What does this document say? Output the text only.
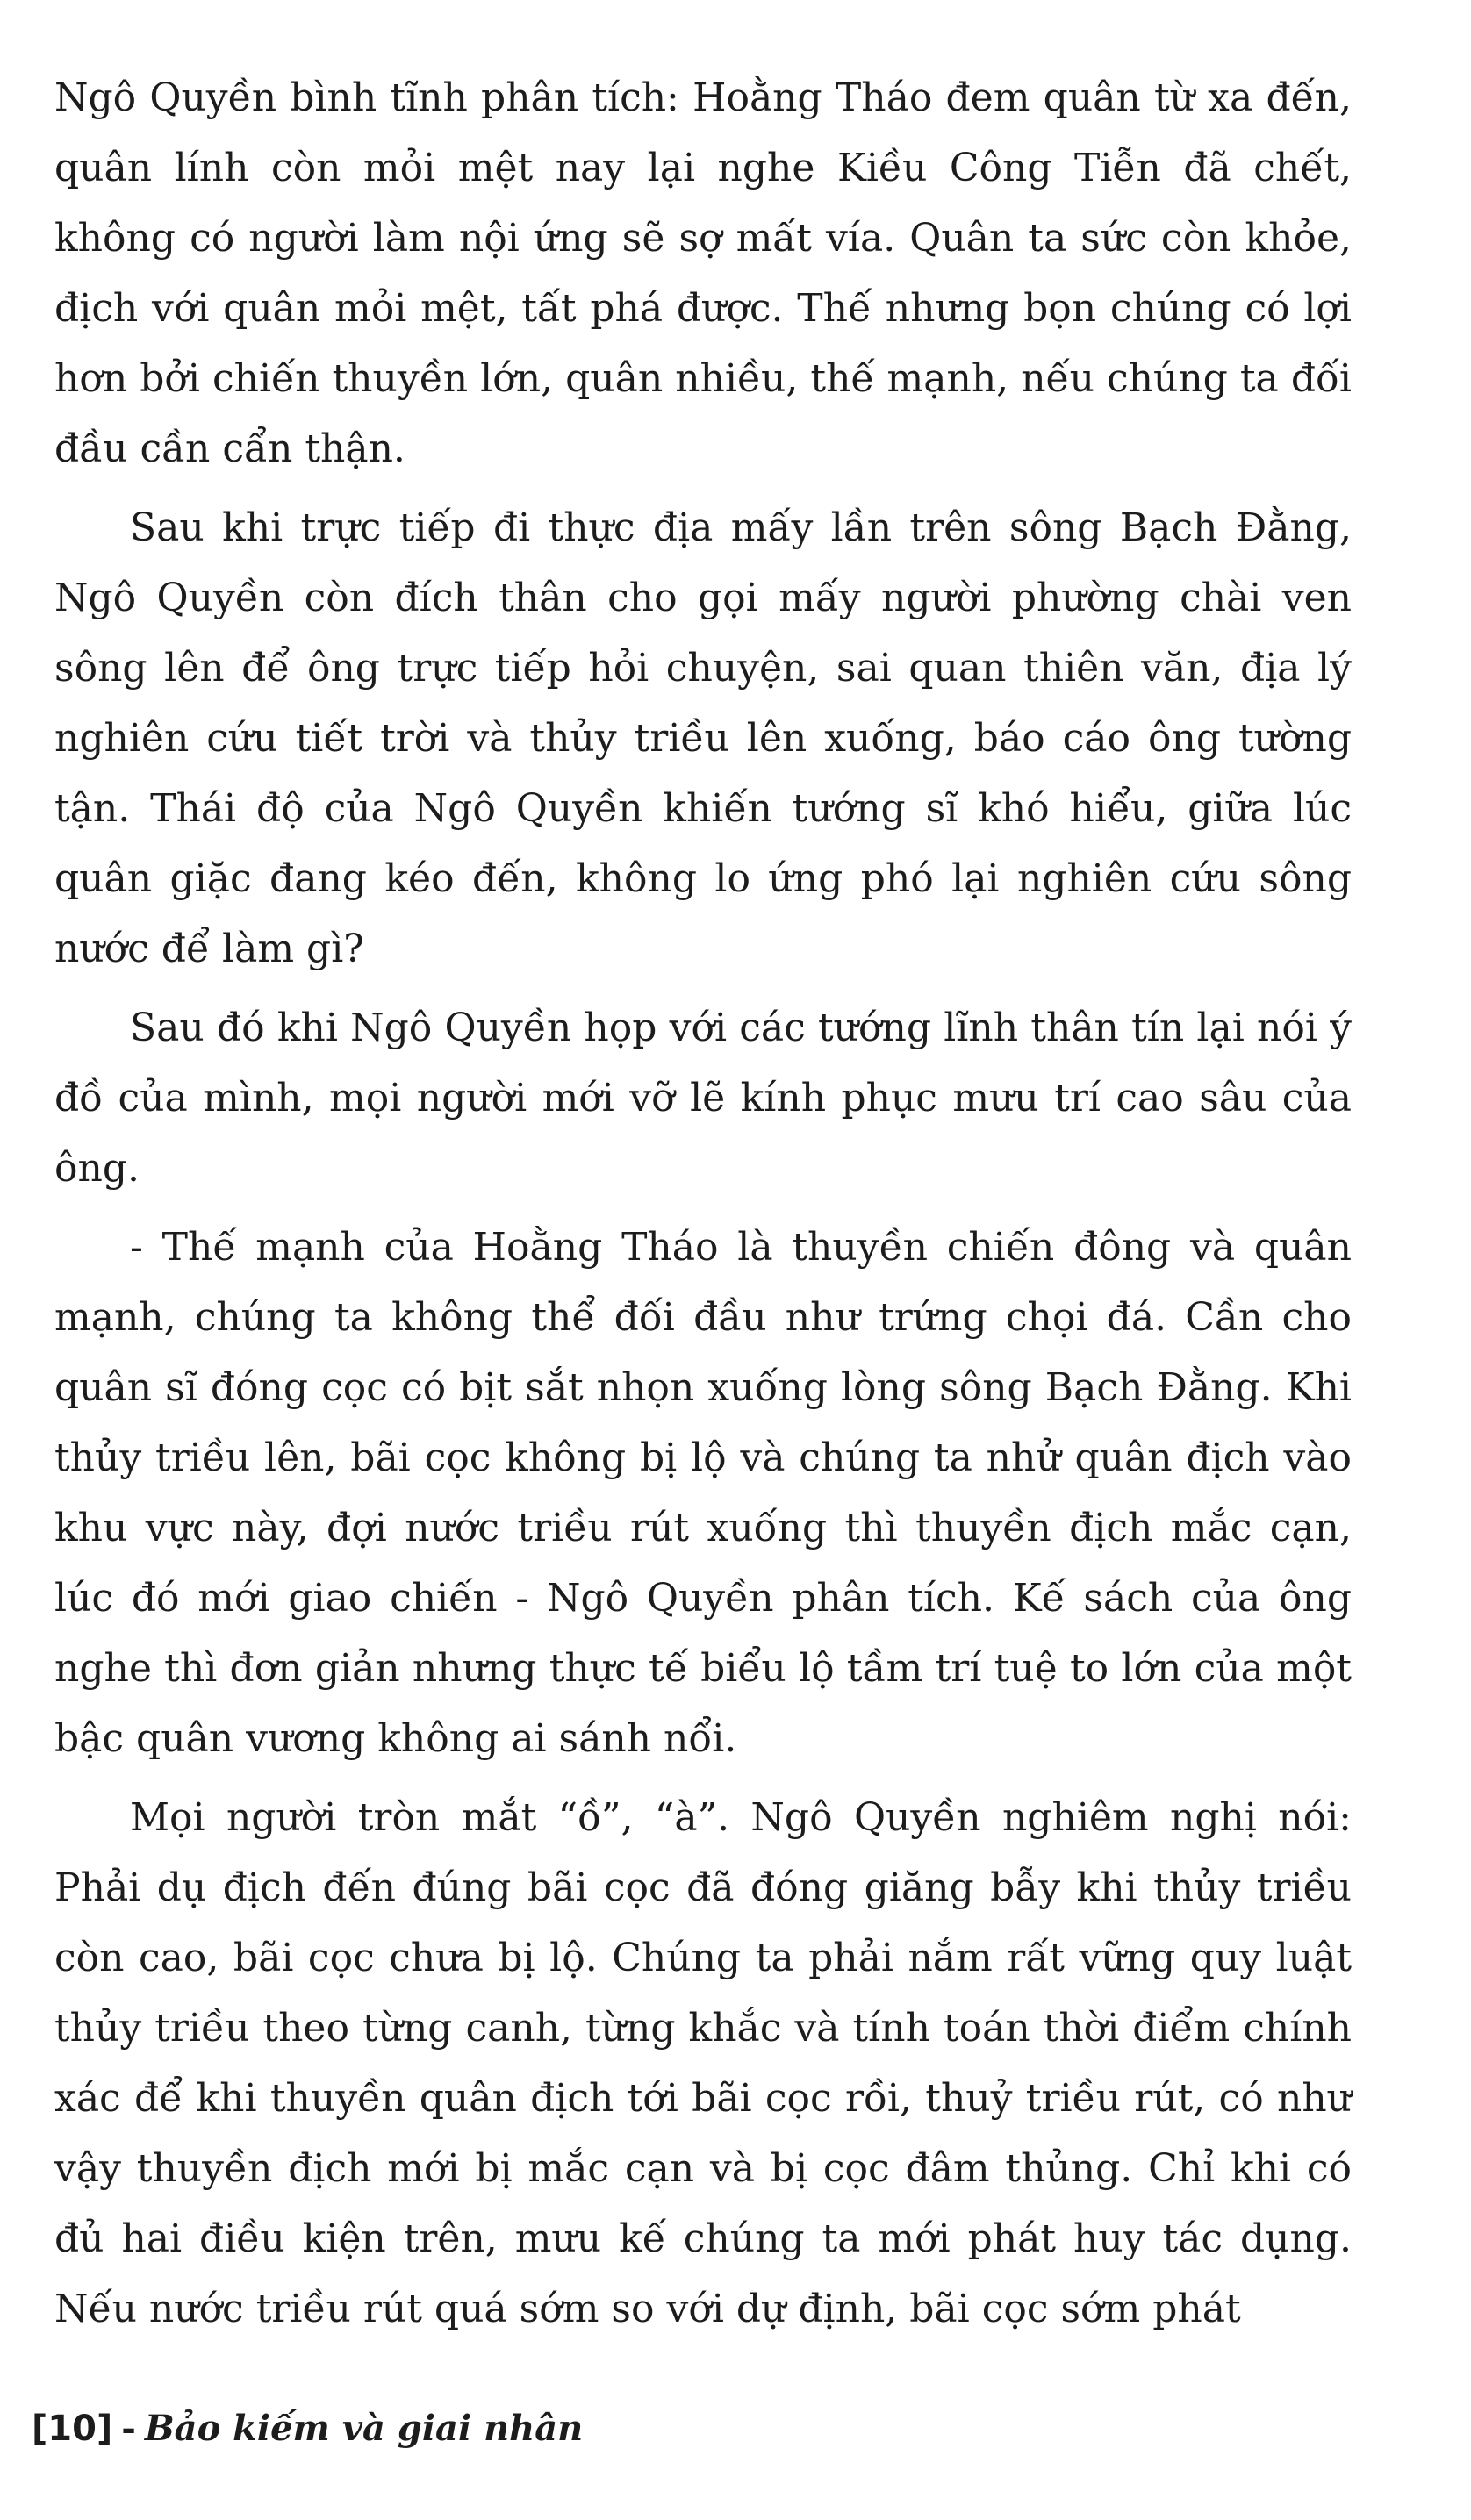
Ngô Quyền bình tĩnh phân tích: Hoằng Tháo đem quân từ xa đến, quân lính còn mỏi mệt nay lại nghe Kiều Công Tiễn đã chết, không có người làm nội ứng sẽ sợ mất vía. Quân ta sức còn khỏe, địch với quân mỏi mệt, tất phá được. Thế nhưng bọn chúng có lợi hơn bởi chiến thuyền lớn, quân nhiều, thế mạnh, nếu chúng ta đối đầu cần cẩn thận.

Sau khi trực tiếp đi thực địa mấy lần trên sông Bạch Đằng, Ngô Quyền còn đích thân cho gọi mấy người phường chài ven sông lên để ông trực tiếp hỏi chuyện, sai quan thiên văn, địa lý nghiên cứu tiết trời và thủy triều lên xuống, báo cáo ông tường tận. Thái độ của Ngô Quyền khiến tướng sĩ khó hiểu, giữa lúc quân giặc đang kéo đến, không lo ứng phó lại nghiên cứu sông nước để làm gì?

Sau đó khi Ngô Quyền họp với các tướng lĩnh thân tín lại nói ý đồ của mình, mọi người mới vỡ lẽ kính phục mưu trí cao sâu của ông.

- Thế mạnh của Hoằng Tháo là thuyền chiến đông và quân mạnh, chúng ta không thể đối đầu như trứng chọi đá. Cần cho quân sĩ đóng cọc có bịt sắt nhọn xuống lòng sông Bạch Đằng. Khi thủy triều lên, bãi cọc không bị lộ và chúng ta nhử quân địch vào khu vực này, đợi nước triều rút xuống thì thuyền địch mắc cạn, lúc đó mới giao chiến - Ngô Quyền phân tích. Kế sách của ông nghe thì đơn giản nhưng thực tế biểu lộ tầm trí tuệ to lớn của một bậc quân vương không ai sánh nổi.

Mọi người tròn mắt “ồ”, “à”. Ngô Quyền nghiêm nghị nói: Phải dụ địch đến đúng bãi cọc đã đóng giăng bẫy khi thủy triều còn cao, bãi cọc chưa bị lộ. Chúng ta phải nắm rất vững quy luật thủy triều theo từng canh, từng khắc và tính toán thời điểm chính xác để khi thuyền quân địch tới bãi cọc rồi, thuỷ triều rút, có như vậy thuyền địch mới bị mắc cạn và bị cọc đâm thủng. Chỉ khi có đủ hai điều kiện trên, mưu kế chúng ta mới phát huy tác dụng. Nếu nước triều rút quá sớm so với dự định, bãi cọc sớm phát

[10] - Bảo kiếm và giai nhân
